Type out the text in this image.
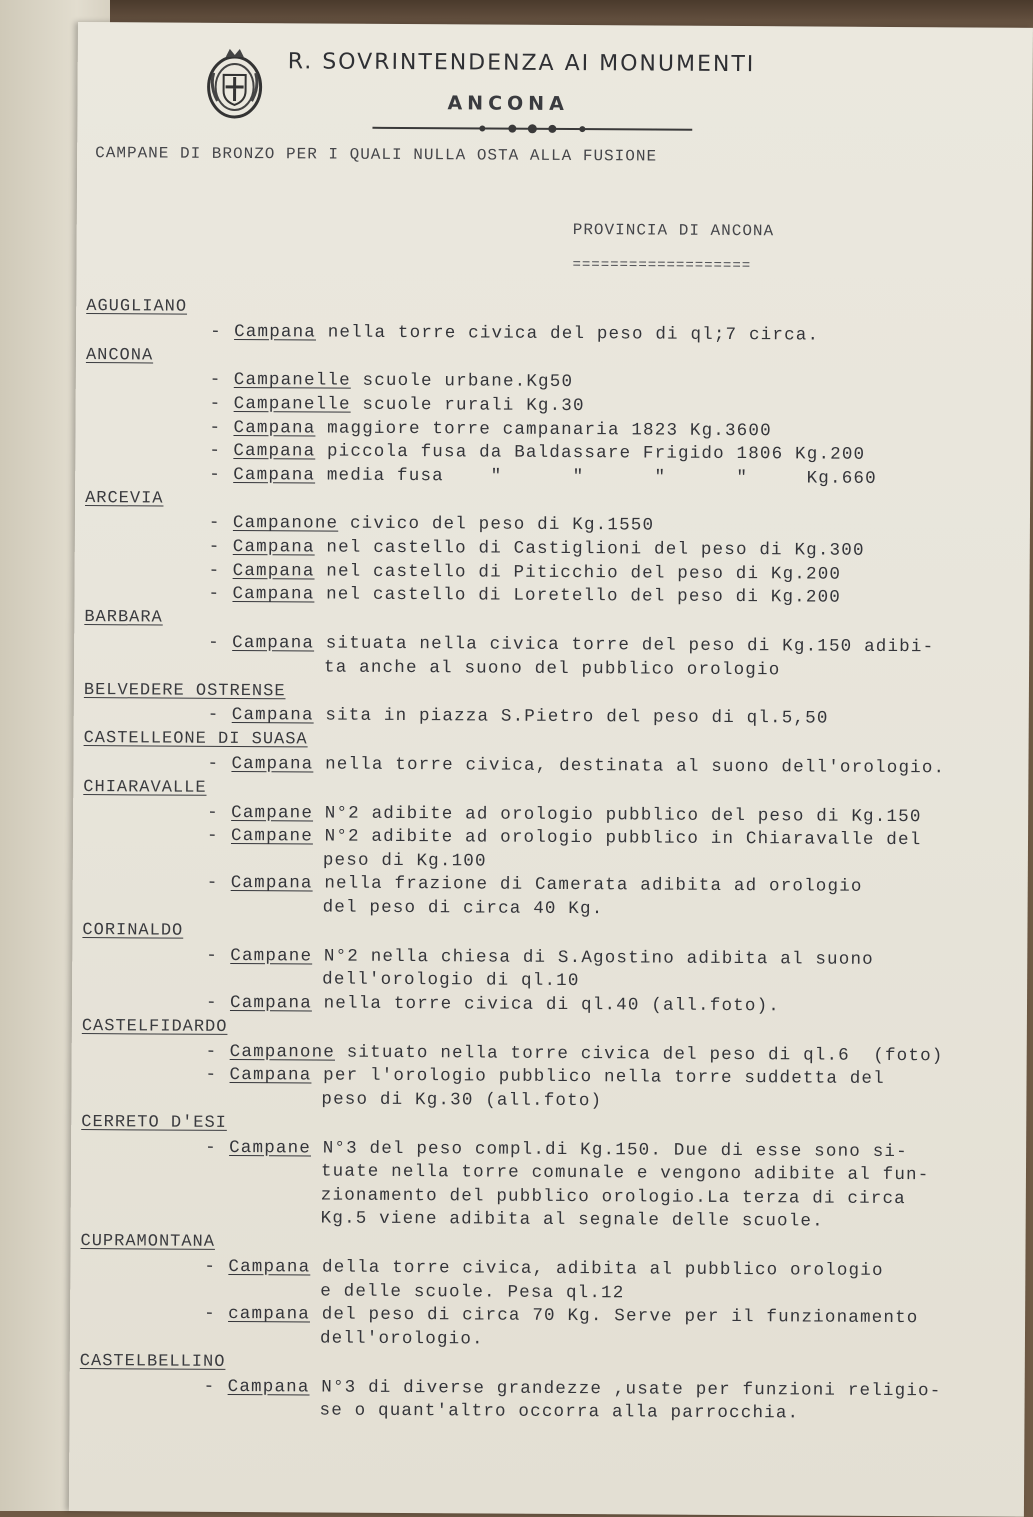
R. SOVRINTENDENZA AI MONUMENTI
ANCONA
CAMPANE DI BRONZO PER I QUALI NULLA OSTA ALLA FUSIONE
PROVINCIA DI ANCONA
===================
AGUGLIANO
- Campana nella torre civica del peso di ql;7 circa.
ANCONA
- Campanelle scuole urbane.Kg50
- Campanelle scuole rurali Kg.30
- Campana maggiore torre campanaria 1823 Kg.3600
- Campana piccola fusa da Baldassare Frigido 1806 Kg.200
- Campana media fusa    "      "      "      "     Kg.660
ARCEVIA
- Campanone civico del peso di Kg.1550
- Campana nel castello di Castiglioni del peso di Kg.300
- Campana nel castello di Piticchio del peso di Kg.200
- Campana nel castello di Loretello del peso di Kg.200
BARBARA
- Campana situata nella civica torre del peso di Kg.150 adibi-
ta anche al suono del pubblico orologio
BELVEDERE OSTRENSE
- Campana sita in piazza S.Pietro del peso di ql.5,50
CASTELLEONE DI SUASA
- Campana nella torre civica, destinata al suono dell'orologio.
CHIARAVALLE
- Campane N°2 adibite ad orologio pubblico del peso di Kg.150
- Campane N°2 adibite ad orologio pubblico in Chiaravalle del
peso di Kg.100
- Campana nella frazione di Camerata adibita ad orologio
del peso di circa 40 Kg.
CORINALDO
- Campane N°2 nella chiesa di S.Agostino adibita al suono
dell'orologio di ql.10
- Campana nella torre civica di ql.40 (all.foto).
CASTELFIDARDO
- Campanone situato nella torre civica del peso di ql.6  (foto)
- Campana per l'orologio pubblico nella torre suddetta del
peso di Kg.30 (all.foto)
CERRETO D'ESI
- Campane N°3 del peso compl.di Kg.150. Due di esse sono si-
tuate nella torre comunale e vengono adibite al fun-
zionamento del pubblico orologio.La terza di circa
Kg.5 viene adibita al segnale delle scuole.
CUPRAMONTANA
- Campana della torre civica, adibita al pubblico orologio
e delle scuole. Pesa ql.12
- campana del peso di circa 70 Kg. Serve per il funzionamento
dell'orologio.
CASTELBELLINO
- Campana N°3 di diverse grandezze ,usate per funzioni religio-
se o quant'altro occorra alla parrocchia.
